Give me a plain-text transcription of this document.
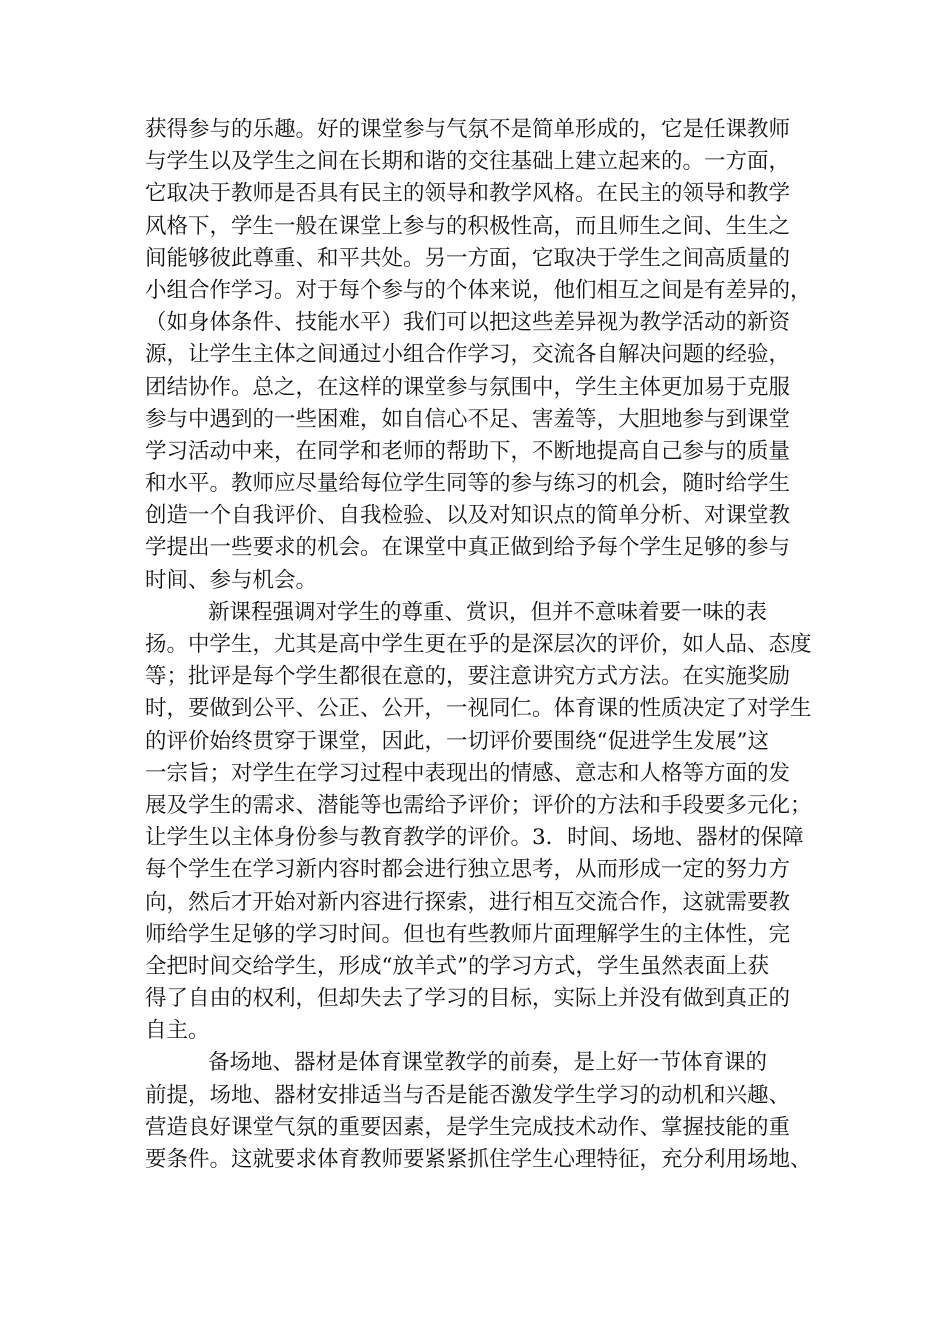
获得参与的乐趣。好的课堂参与气氛不是简单形成的，它是任课教师
与学生以及学生之间在长期和谐的交往基础上建立起来的。一方面，
它取决于教师是否具有民主的领导和教学风格。在民主的领导和教学
风格下，学生一般在课堂上参与的积极性高，而且师生之间、生生之
间能够彼此尊重、和平共处。另一方面，它取决于学生之间高质量的
小组合作学习。对于每个参与的个体来说，他们相互之间是有差异的，
（如身体条件、技能水平）我们可以把这些差异视为教学活动的新资
源，让学生主体之间通过小组合作学习，交流各自解决问题的经验，
团结协作。总之，在这样的课堂参与氛围中，学生主体更加易于克服
参与中遇到的一些困难，如自信心不足、害羞等，大胆地参与到课堂
学习活动中来，在同学和老师的帮助下，不断地提高自己参与的质量
和水平。教师应尽量给每位学生同等的参与练习的机会，随时给学生
创造一个自我评价、自我检验、以及对知识点的简单分析、对课堂教
学提出一些要求的机会。在课堂中真正做到给予每个学生足够的参与
时间、参与机会。
新课程强调对学生的尊重、赏识，但并不意味着要一味的表
扬。中学生，尤其是高中学生更在乎的是深层次的评价，如人品、态度
等；批评是每个学生都很在意的，要注意讲究方式方法。在实施奖励
时，要做到公平、公正、公开，一视同仁。体育课的性质决定了对学生
的评价始终贯穿于课堂，因此，一切评价要围绕“促进学生发展”这
一宗旨；对学生在学习过程中表现出的情感、意志和人格等方面的发
展及学生的需求、潜能等也需给予评价；评价的方法和手段要多元化；
让学生以主体身份参与教育教学的评价。3．时间、场地、器材的保障
每个学生在学习新内容时都会进行独立思考，从而形成一定的努力方
向，然后才开始对新内容进行探索，进行相互交流合作，这就需要教
师给学生足够的学习时间。但也有些教师片面理解学生的主体性，完
全把时间交给学生，形成“放羊式”的学习方式，学生虽然表面上获
得了自由的权利，但却失去了学习的目标，实际上并没有做到真正的
自主。
备场地、器材是体育课堂教学的前奏，是上好一节体育课的
前提，场地、器材安排适当与否是能否激发学生学习的动机和兴趣、
营造良好课堂气氛的重要因素，是学生完成技术动作、掌握技能的重
要条件。这就要求体育教师要紧紧抓住学生心理特征，充分利用场地、
